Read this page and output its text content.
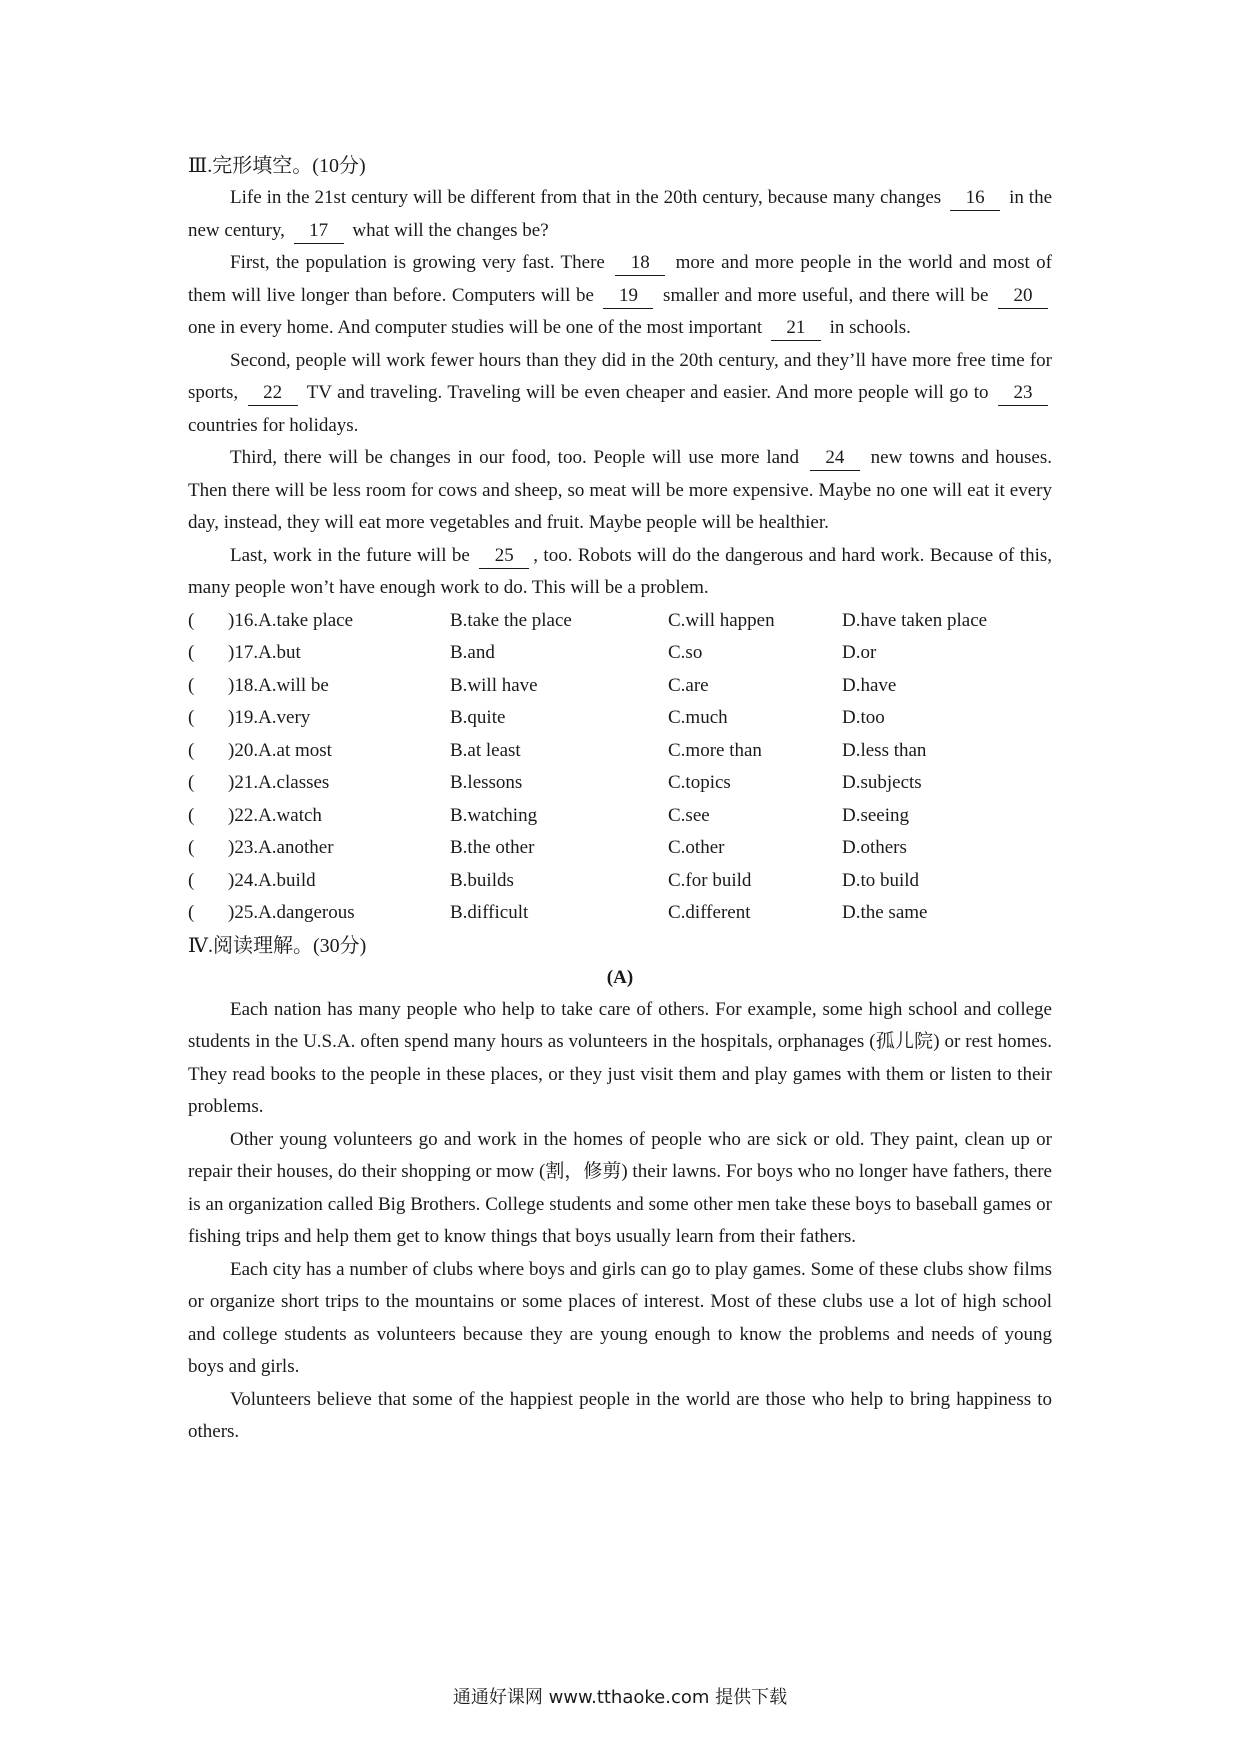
Ⅲ.完形填空。(10分)
Life in the 21st century will be different from that in the 20th century, because many changes 16 in the new century, 17 what will the changes be?
First, the population is growing very fast. There 18 more and more people in the world and most of them will live longer than before. Computers will be 19 smaller and more useful, and there will be 20 one in every home. And computer studies will be one of the most important 21 in schools.
Second, people will work fewer hours than they did in the 20th century, and they’ll have more free time for sports, 22 TV and traveling. Traveling will be even cheaper and easier. And more people will go to 23 countries for holidays.
Third, there will be changes in our food, too. People will use more land 24 new towns and houses. Then there will be less room for cows and sheep, so meat will be more expensive. Maybe no one will eat it every day, instead, they will eat more vegetables and fruit. Maybe people will be healthier.
Last, work in the future will be 25 , too. Robots will do the dangerous and hard work. Because of this, many people won’t have enough work to do. This will be a problem.
(	)16.A.take place	B.take the place	C.will happen	D.have taken place
(	)17.A.but	B.and	C.so	D.or
(	)18.A.will be	B.will have	C.are	D.have
(	)19.A.very	B.quite	C.much	D.too
(	)20.A.at most	B.at least	C.more than	D.less than
(	)21.A.classes	B.lessons	C.topics	D.subjects
(	)22.A.watch	B.watching	C.see	D.seeing
(	)23.A.another	B.the other	C.other	D.others
(	)24.A.build	B.builds	C.for build	D.to build
(	)25.A.dangerous	B.difficult	C.different	D.the same
Ⅳ.阅读理解。(30分)
(A)
Each nation has many people who help to take care of others. For example, some high school and college students in the U.S.A. often spend many hours as volunteers in the hospitals, orphanages (孤儿院) or rest homes. They read books to the people in these places, or they just visit them and play games with them or listen to their problems.
Other young volunteers go and work in the homes of people who are sick or old. They paint, clean up or repair their houses, do their shopping or mow (割，修剪) their lawns. For boys who no longer have fathers, there is an organization called Big Brothers. College students and some other men take these boys to baseball games or fishing trips and help them get to know things that boys usually learn from their fathers.
Each city has a number of clubs where boys and girls can go to play games. Some of these clubs show films or organize short trips to the mountains or some places of interest. Most of these clubs use a lot of high school and college students as volunteers because they are young enough to know the problems and needs of young boys and girls.
Volunteers believe that some of the happiest people in the world are those who help to bring happiness to others.
通通好课网 www.tthaoke.com 提供下载
